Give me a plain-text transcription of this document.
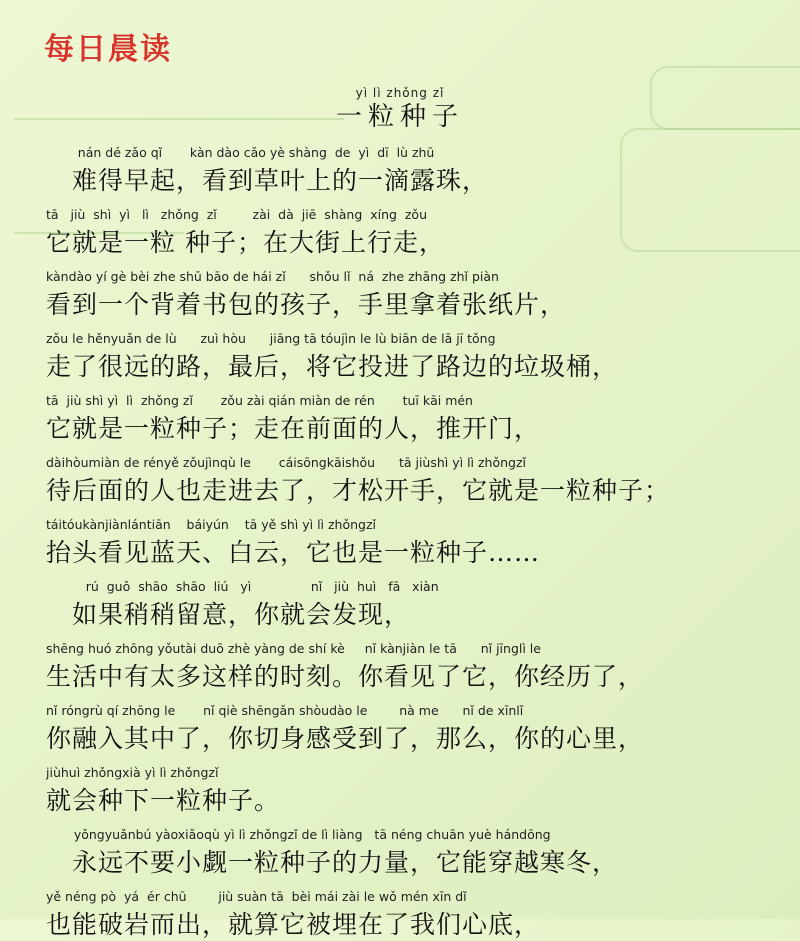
每日晨读
yì lì zhǒng zǐ
一粒种子
nán dé zǎo qǐ       kàn dào cǎo yè shàng  de  yì  dī  lù zhū
　难得早起，看到草叶上的一滴露珠，
tā   jiù  shì  yì   lì   zhǒng  zǐ         zài  dà  jiē  shàng  xíng  zǒu
它就是一粒 种子；在大街上行走，
kàndào yí gè bèi zhe shū bāo de hái zǐ      shǒu lǐ  ná  zhe zhāng zhǐ piàn
看到一个背着书包的孩子，手里拿着张纸片，
zǒu le hěnyuǎn de lù      zuì hòu      jiāng tā tóujìn le lù biān de lā jī tǒng
走了很远的路，最后，将它投进了路边的垃圾桶，
tā  jiù shì yì  lì  zhǒng zǐ       zǒu zài qián miàn de rén       tuī kāi mén
它就是一粒种子；走在前面的人，推开门，
dàihòumiàn de rényě zǒujìnqù le       cáisōngkāishǒu      tā jiùshì yì lì zhǒngzǐ
待后面的人也走进去了，才松开手，它就是一粒种子；
táitóukànjiànlántiān    báiyún    tā yě shì yì lì zhǒngzǐ
抬头看见蓝天、白云，它也是一粒种子……
rú  guǒ  shāo  shāo  liú   yì               nǐ   jiù  huì   fā   xiàn
　如果稍稍留意，你就会发现，
shēng huó zhōng yǒutài duō zhè yàng de shí kè     nǐ kànjiàn le tā      nǐ jīnglì le
生活中有太多这样的时刻。你看见了它，你经历了，
nǐ róngrù qí zhōng le       nǐ qiè shēngǎn shòudào le        nà me      nǐ de xīnlǐ
你融入其中了，你切身感受到了，那么，你的心里，
jiùhuì zhǒngxià yì lì zhǒngzǐ
就会种下一粒种子。
yǒngyuǎnbú yàoxiǎoqù yì lì zhǒngzǐ de lì liàng   tā néng chuān yuè hándōng
　永远不要小觑一粒种子的力量，它能穿越寒冬，
yě néng pò  yá  ér chū        jiù suàn tā  bèi mái zài le wǒ mén xīn dǐ
也能破岩而出，就算它被埋在了我们心底，
